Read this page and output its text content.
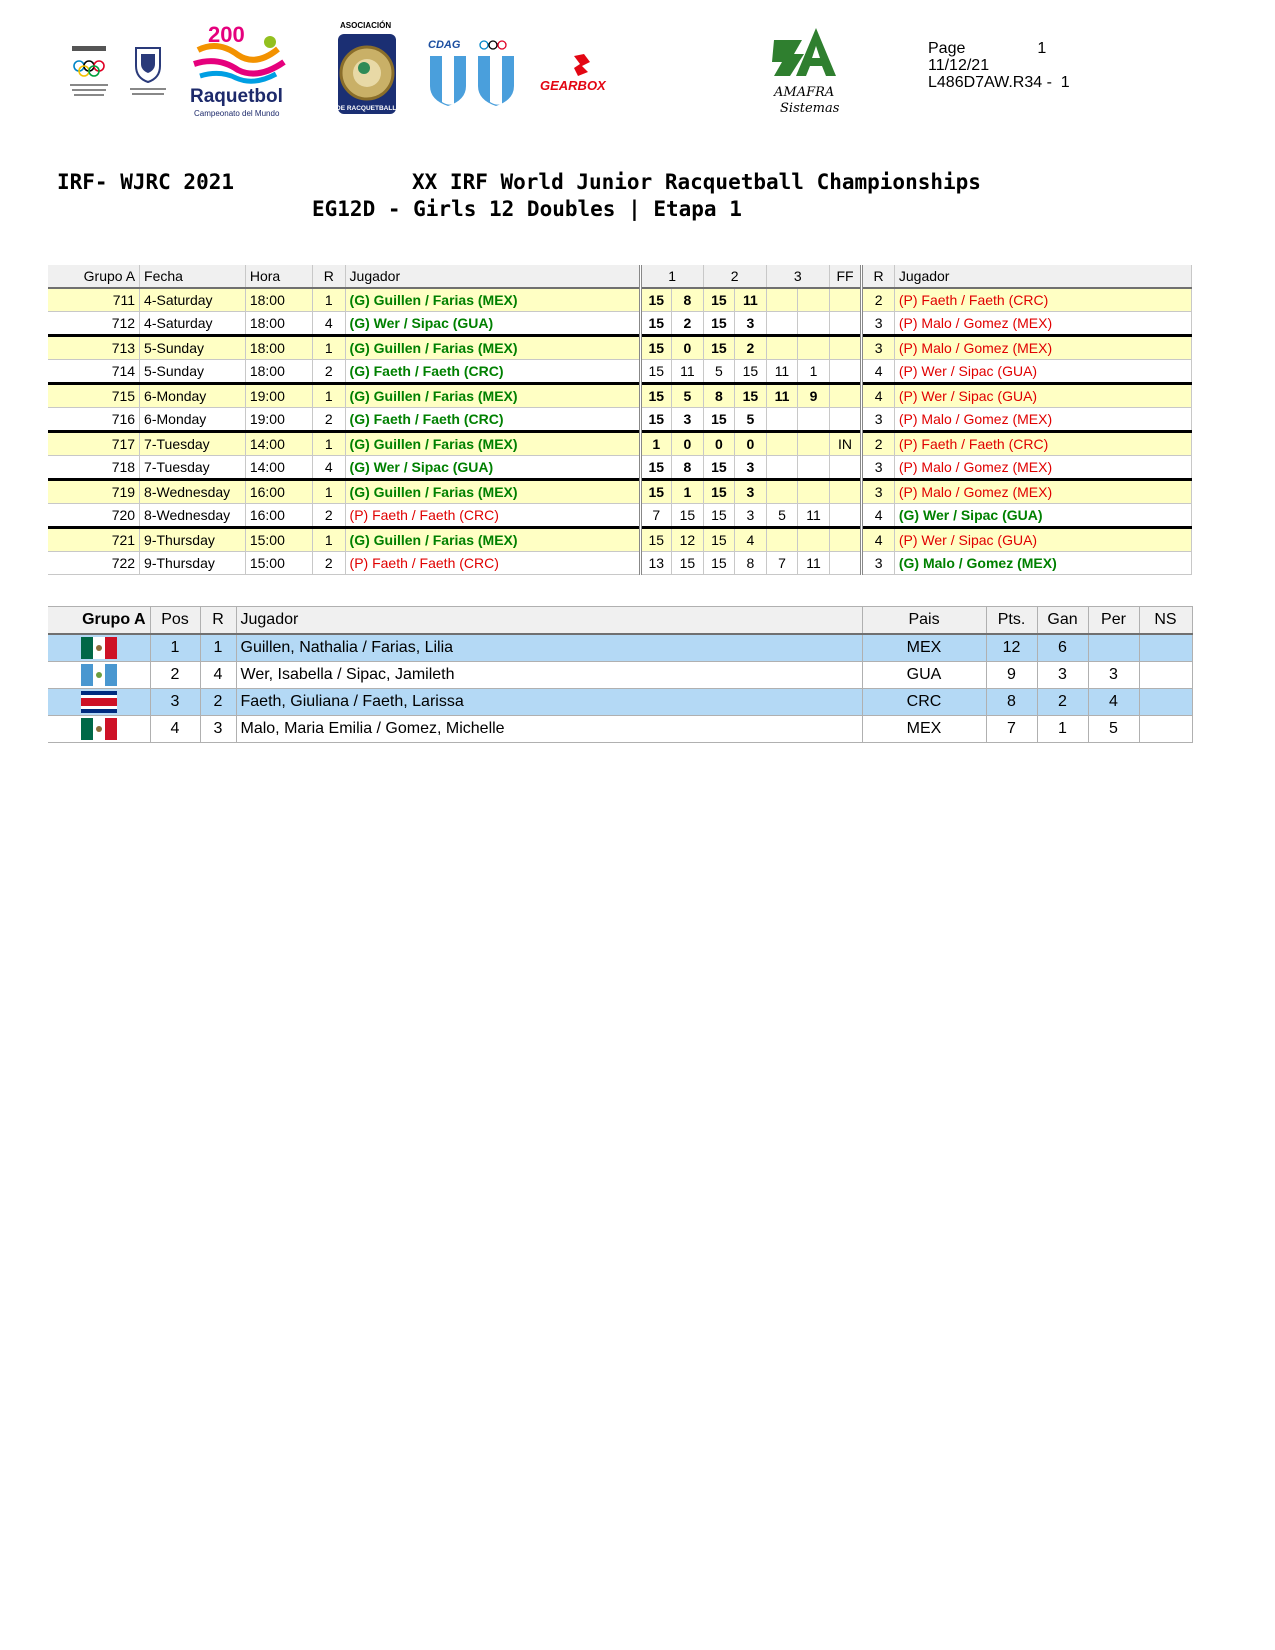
200
Raquetbol
Campeonato del Mundo
ASOCIACIÓN
DE RACQUETBALL
CDAG
GEARBOX	AMAFRA
Sistemas
Page	1
11/12/21
L486D7AW.R34 -  1
IRF- WJRC 2021	XX IRF World Junior Racquetball Championships
EG12D - Girls 12 Doubles | Etapa 1
Grupo A	Fecha	Hora	R	Jugador	1		2		3		FF	R	Jugador
711	4-Saturday	18:00	1	(G) Guillen / Farias (MEX)	15	8	15	11				2	(P) Faeth / Faeth (CRC)
712	4-Saturday	18:00	4	(G) Wer / Sipac (GUA)	15	2	15	3				3	(P) Malo / Gomez (MEX)
713	5-Sunday	18:00	1	(G) Guillen / Farias (MEX)	15	0	15	2				3	(P) Malo / Gomez (MEX)
714	5-Sunday	18:00	2	(G) Faeth / Faeth (CRC)	15	11	5	15	11	1		4	(P) Wer / Sipac (GUA)
715	6-Monday	19:00	1	(G) Guillen / Farias (MEX)	15	5	8	15	11	9		4	(P) Wer / Sipac (GUA)
716	6-Monday	19:00	2	(G) Faeth / Faeth (CRC)	15	3	15	5				3	(P) Malo / Gomez (MEX)
717	7-Tuesday	14:00	1	(G) Guillen / Farias (MEX)	1	0	0	0			IN	2	(P) Faeth / Faeth (CRC)
718	7-Tuesday	14:00	4	(G) Wer / Sipac (GUA)	15	8	15	3				3	(P) Malo / Gomez (MEX)
719	8-Wednesday	16:00	1	(G) Guillen / Farias (MEX)	15	1	15	3				3	(P) Malo / Gomez (MEX)
720	8-Wednesday	16:00	2	(P) Faeth / Faeth (CRC)	7	15	15	3	5	11		4	(G) Wer / Sipac (GUA)
721	9-Thursday	15:00	1	(G) Guillen / Farias (MEX)	15	12	15	4				4	(P) Wer / Sipac (GUA)
722	9-Thursday	15:00	2	(P) Faeth / Faeth (CRC)	13	15	15	8	7	11		3	(G) Malo / Gomez (MEX)
Grupo A	Pos	R	Jugador	Pais	Pts.	Gan	Per	NS
	1	1	Guillen, Nathalia / Farias, Lilia	MEX	12	6		
	2	4	Wer, Isabella / Sipac, Jamileth	GUA	9	3	3	
	3	2	Faeth, Giuliana / Faeth, Larissa	CRC	8	2	4	
	4	3	Malo, Maria Emilia / Gomez, Michelle	MEX	7	1	5	
